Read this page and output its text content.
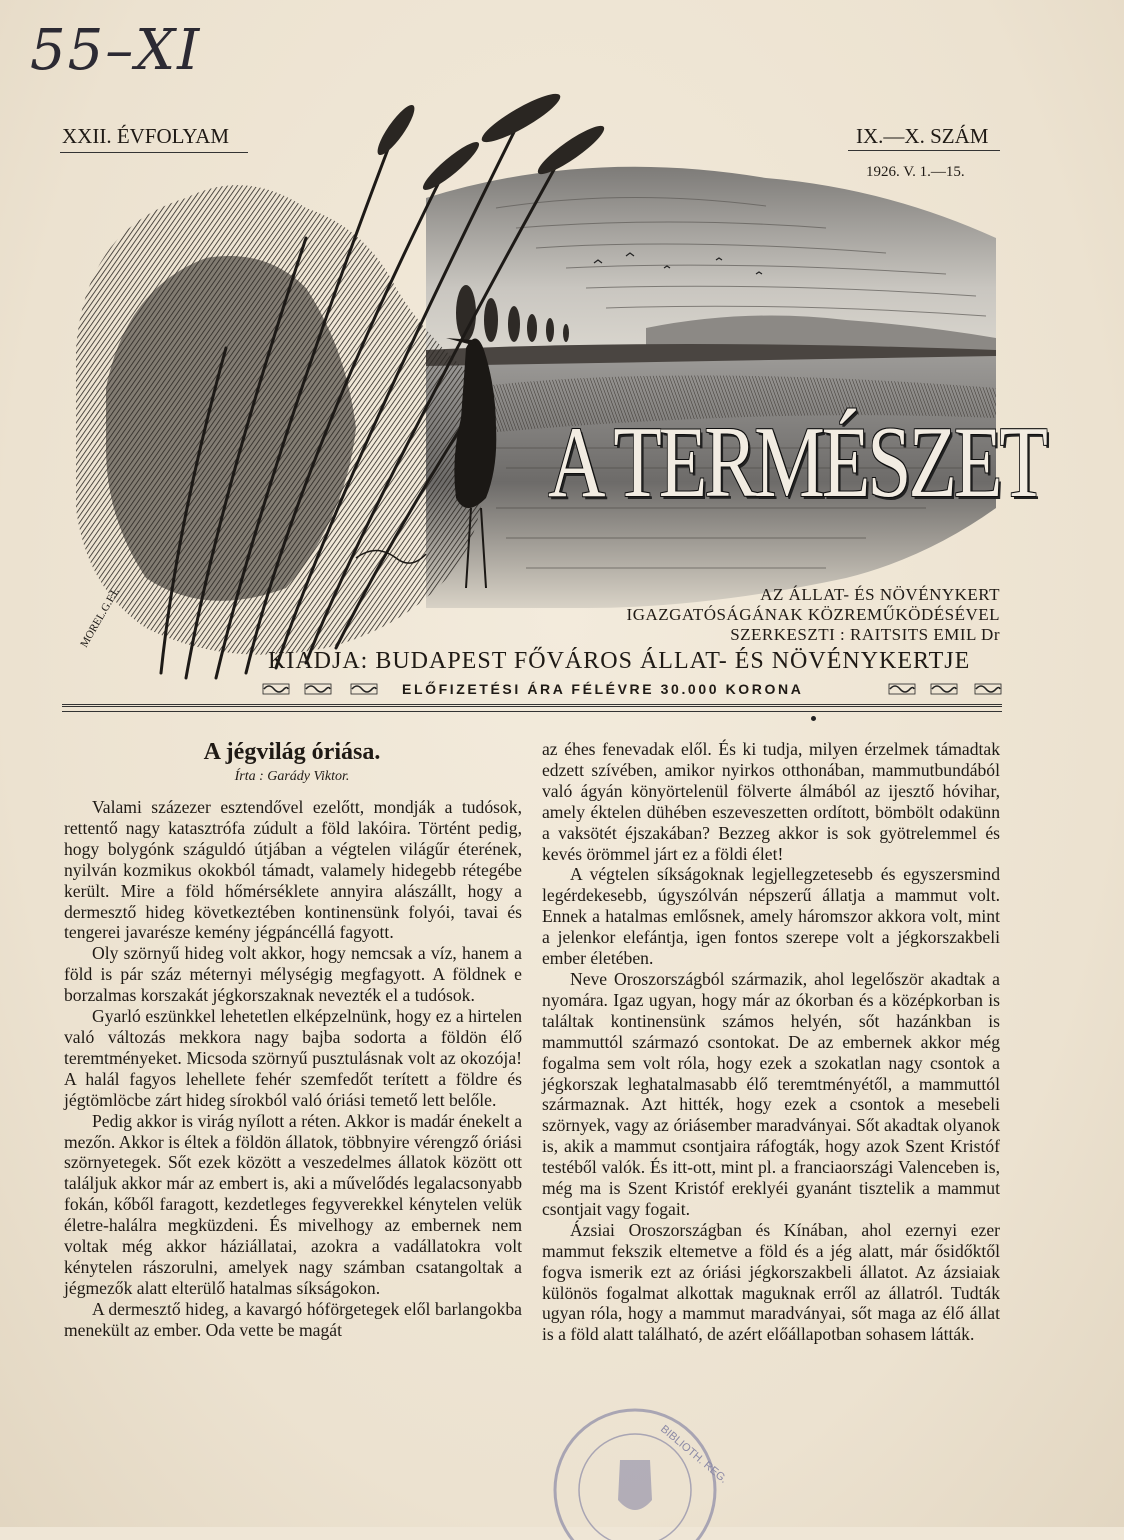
55–XI
XXII. ÉVFOLYAM	IX.—X. SZÁM
1926. V. 1.—15.
MOREL.G.F.I.
A TERMÉSZET
AZ ÁLLAT- ÉS NÖVÉNYKERT
IGAZGATÓSÁGÁNAK KÖZREMŰKÖDÉSÉVEL
SZERKESZTI : RAITSITS EMIL Dr
KIADJA: BUDAPEST FŐVÁROS ÁLLAT- ÉS NÖVÉNYKERTJE
ELŐFIZETÉSI ÁRA FÉLÉVRE 30.000 KORONA
A jégvilág óriása.
Írta : Garády Viktor.

Valami százezer esztendővel ezelőtt, mondják a tudósok, rettentő nagy katasztrófa zúdult a föld lakóira. Történt pedig, hogy bolygónk száguldó útjában a végtelen világűr éterének, nyilván kozmikus okokból támadt, valamely hidegebb rétegébe került. Mire a föld hőmérséklete annyira alászállt, hogy a dermesztő hideg következtében kontinensünk folyói, tavai és tengerei javarésze kemény jégpáncéllá fagyott.

Oly szörnyű hideg volt akkor, hogy nemcsak a víz, hanem a föld is pár száz méternyi mélységig megfagyott. A földnek e borzalmas korszakát jégkorszaknak nevezték el a tudósok.

Gyarló eszünkkel lehetetlen elképzelnünk, hogy ez a hirtelen való változás mekkora nagy bajba sodorta a földön élő teremtményeket. Micsoda szörnyű pusztulásnak volt az okozója! A halál fagyos lehellete fehér szemfedőt terített a földre és jégtömlöcbe zárt hideg sírokból való óriási temető lett belőle.

Pedig akkor is virág nyílott a réten. Akkor is madár énekelt a mezőn. Akkor is éltek a földön állatok, többnyire vérengző óriási szörnyetegek. Sőt ezek között a veszedelmes állatok között ott találjuk akkor már az embert is, aki a művelődés legalacsonyabb fokán, kőből faragott, kezdetleges fegyverekkel kénytelen velük életre-halálra megküzdeni. És mivelhogy az embernek nem voltak még akkor háziállatai, azokra a vadállatokra volt kénytelen rászorulni, amelyek nagy számban csatangoltak a jégmezők alatt elterülő hatalmas síkságokon.

A dermesztő hideg, a kavargó hóförgetegek elől barlangokba menekült az ember. Oda vette be magát

az éhes fenevadak elől. És ki tudja, milyen érzelmek támadtak edzett szívében, amikor nyirkos otthonában, mammutbundából való ágyán könyörtelenül fölverte álmából az ijesztő hóvihar, amely éktelen dühében eszeveszetten ordított, bömbölt odakünn a vaksötét éjszakában? Bezzeg akkor is sok gyötrelemmel és kevés örömmel járt ez a földi élet!

A végtelen síkságoknak legjellegzetesebb és egyszersmind legérdekesebb, úgyszólván népszerű állatja a mammut volt. Ennek a hatalmas emlősnek, amely háromszor akkora volt, mint a jelenkor elefántja, igen fontos szerepe volt a jégkorszakbeli ember életében.

Neve Oroszországból származik, ahol legelőször akadtak a nyomára. Igaz ugyan, hogy már az ókorban és a középkorban is találtak kontinensünk számos helyén, sőt hazánkban is mammuttól származó csontokat. De az embernek akkor még fogalma sem volt róla, hogy ezek a szokatlan nagy csontok a jégkorszak leghatalmasabb élő teremtményétől, a mammuttól származnak. Azt hitték, hogy ezek a csontok a mesebeli szörnyek, vagy az óriásember maradványai. Sőt akadtak olyanok is, akik a mammut csontjaira ráfogták, hogy azok Szent Kristóf testéből valók. És itt-ott, mint pl. a franciaországi Valenceben is, még ma is Szent Kristóf ereklyéi gyanánt tisztelik a mammut csontjait vagy fogait.

Ázsiai Oroszországban és Kínában, ahol ezernyi ezer mammut fekszik eltemetve a föld és a jég alatt, már ősidőktől fogva ismerik ezt az óriási jégkorszakbeli állatot. Az ázsiaiak különös fogalmat alkottak maguknak erről az állatról. Tudták ugyan róla, hogy a mammut maradványai, sőt maga az élő állat is a föld alatt található, de azért előállapotban sohasem látták.

BIBLIOTH. REG.
